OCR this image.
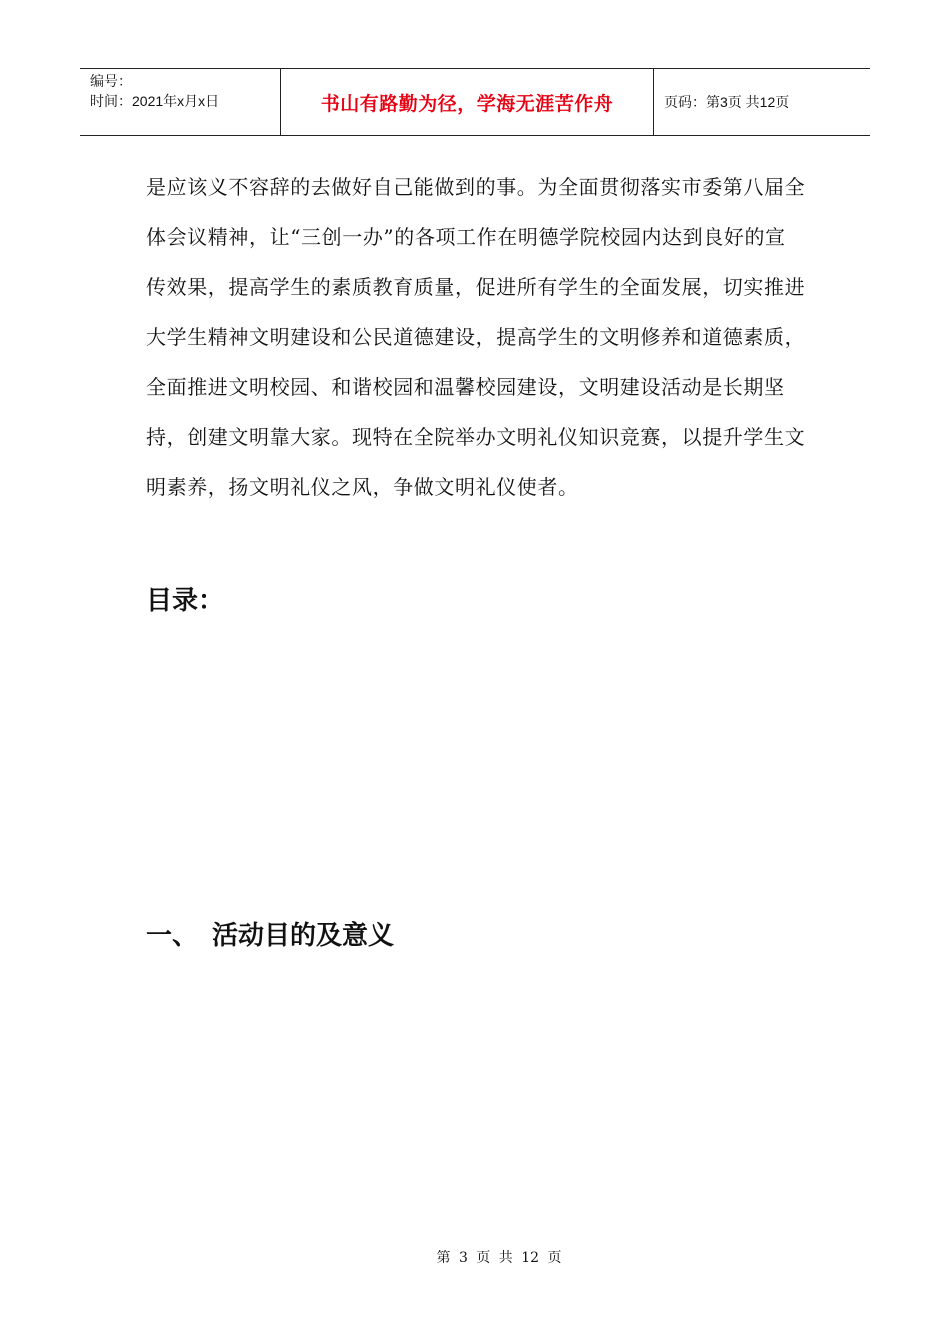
编号：
时间：2021年x月x日	书山有路勤为径，学海无涯苦作舟	页码：第3页 共12页

是应该义不容辞的去做好自己能做到的事。为全面贯彻落实市委第八届全体会议精神，让“三创一办”的各项工作在明德学院校园内达到良好的宣传效果，提高学生的素质教育质量，促进所有学生的全面发展，切实推进大学生精神文明建设和公民道德建设，提高学生的文明修养和道德素质，全面推进文明校园、和谐校园和温馨校园建设，文明建设活动是长期坚持，创建文明靠大家。现特在全院举办文明礼仪知识竞赛，以提升学生文明素养，扬文明礼仪之风，争做文明礼仪使者。

目录：
一、 活动目的及意义
第 3 页 共 12 页
